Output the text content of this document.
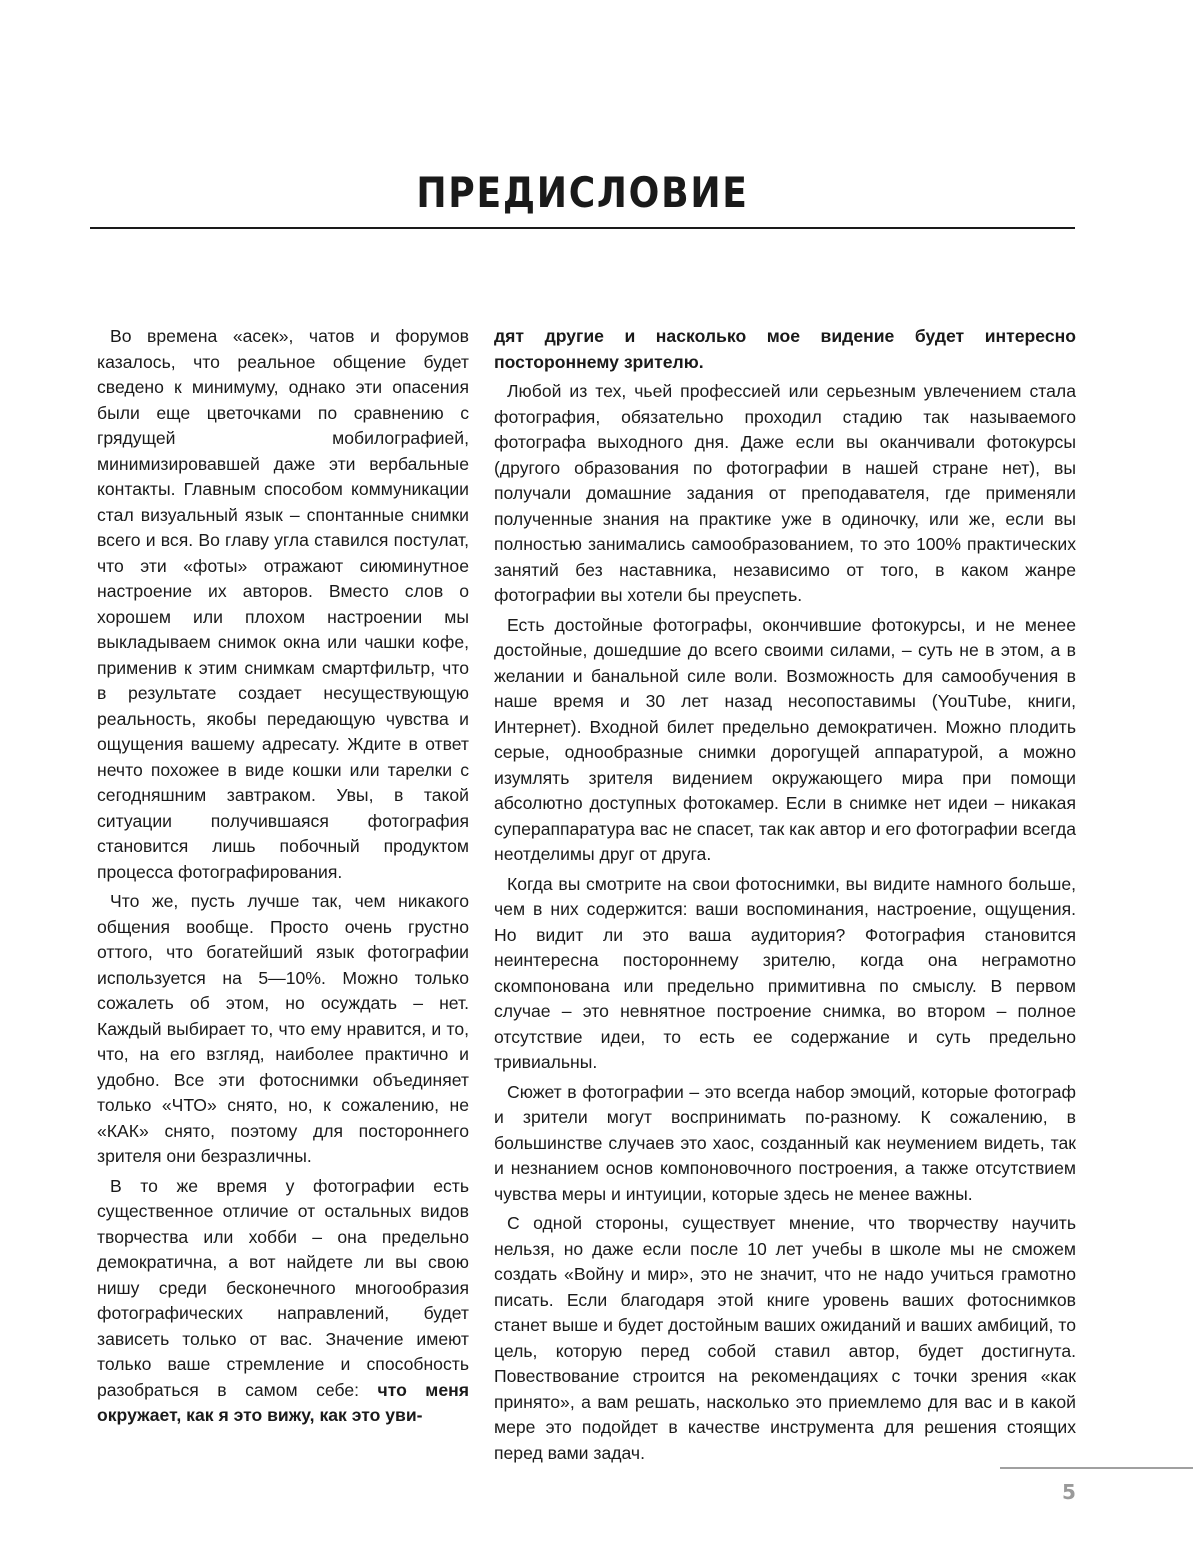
ПРЕДИСЛОВИЕ

Во времена «асек», чатов и форумов казалось, что реальное общение будет сведено к минимуму, однако эти опасения были еще цветочками по сравнению с грядущей мобилографией, минимизировавшей даже эти вербальные контакты. Главным способом коммуникации стал визуальный язык – спонтанные снимки всего и вся. Во главу угла ставился постулат, что эти «фоты» отражают сиюминутное настроение их авторов. Вместо слов о хорошем или плохом настроении мы выкладываем снимок окна или чашки кофе, применив к этим снимкам смартфильтр, что в результате создает несуществующую реальность, якобы передающую чувства и ощущения вашему адресату. Ждите в ответ нечто похожее в виде кошки или тарелки с сегодняшним завтраком. Увы, в такой ситуации получившаяся фотография становится лишь побочный продуктом процесса фотографирования.

Что же, пусть лучше так, чем никакого общения вообще. Просто очень грустно оттого, что богатейший язык фотографии используется на 5—10%. Можно только сожалеть об этом, но осуждать – нет. Каждый выбирает то, что ему нравится, и то, что, на его взгляд, наиболее практично и удобно. Все эти фотоснимки объединяет только «ЧТО» снято, но, к сожалению, не «КАК» снято, поэтому для постороннего зрителя они безразличны.

В то же время у фотографии есть существенное отличие от остальных видов творчества или хобби – она предельно демократична, а вот найдете ли вы свою нишу среди бесконечного многообразия фотографических направлений, будет зависеть только от вас. Значение имеют только ваше стремление и способность разобраться в самом себе: что меня окружает, как я это вижу, как это уви-

дят другие и насколько мое видение будет интересно постороннему зрителю.

Любой из тех, чьей профессией или серьезным увлечением стала фотография, обязательно проходил стадию так называемого фотографа выходного дня. Даже если вы оканчивали фотокурсы (другого образования по фотографии в нашей стране нет), вы получали домашние задания от преподавателя, где применяли полученные знания на практике уже в одиночку, или же, если вы полностью занимались самообразованием, то это 100% практических занятий без наставника, независимо от того, в каком жанре фотографии вы хотели бы преуспеть.

Есть достойные фотографы, окончившие фотокурсы, и не менее достойные, дошедшие до всего своими силами, – суть не в этом, а в желании и банальной силе воли. Возможность для самообучения в наше время и 30 лет назад несопоставимы (YouTube, книги, Интернет). Входной билет предельно демократичен. Можно плодить серые, однообразные снимки дорогущей аппаратурой, а можно изумлять зрителя видением окружающего мира при помощи абсолютно доступных фотокамер. Если в снимке нет идеи – никакая супераппаратура вас не спасет, так как автор и его фотографии всегда неотделимы друг от друга.

Когда вы смотрите на свои фотоснимки, вы видите намного больше, чем в них содержится: ваши воспоминания, настроение, ощущения. Но видит ли это ваша аудитория? Фотография становится неинтересна постороннему зрителю, когда она неграмотно скомпонована или предельно примитивна по смыслу. В первом случае – это невнятное построение снимка, во втором – полное отсутствие идеи, то есть ее содержание и суть предельно тривиальны.

Сюжет в фотографии – это всегда набор эмоций, которые фотограф и зрители могут воспринимать по-разному. К сожалению, в большинстве случаев это хаос, созданный как неумением видеть, так и незнанием основ компоновочного построения, а также отсутствием чувства меры и интуиции, которые здесь не менее важны.

С одной стороны, существует мнение, что творчеству научить нельзя, но даже если после 10 лет учебы в школе мы не сможем создать «Войну и мир», это не значит, что не надо учиться грамотно писать. Если благодаря этой книге уровень ваших фотоснимков станет выше и будет достойным ваших ожиданий и ваших амбиций, то цель, которую перед собой ставил автор, будет достигнута. Повествование строится на рекомендациях с точки зрения «как принято», а вам решать, насколько это приемлемо для вас и в какой мере это подойдет в качестве инструмента для решения стоящих перед вами задач.

5
